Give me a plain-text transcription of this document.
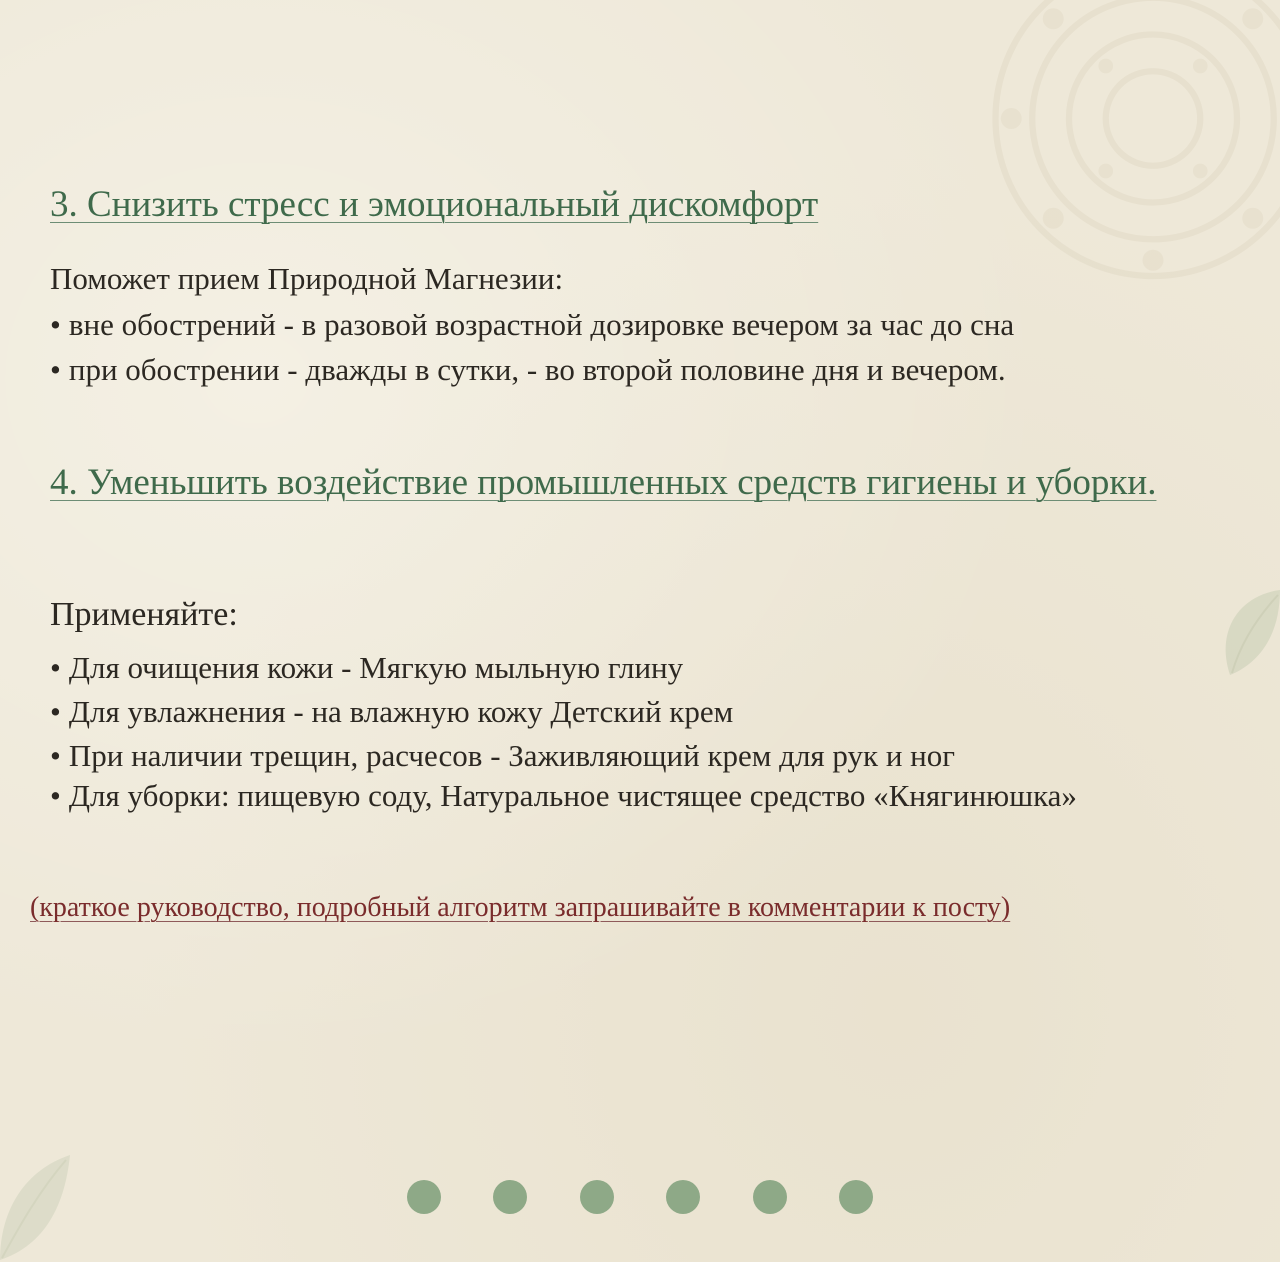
3. Снизить стресс и эмоциональный дискомфорт

Поможет прием Природной Магнезии:

• вне обострений - в разовой возрастной дозировке вечером за час до сна
• при обострении - дважды в сутки, - во второй половине дня и вечером.
4. Уменьшить воздействие промышленных средств гигиены и уборки.

Применяйте:

• Для очищения кожи - Мягкую мыльную глину
• Для увлажнения - на влажную кожу Детский крем
• При наличии трещин, расчесов - Заживляющий крем для рук и ног
• Для уборки: пищевую соду, Натуральное чистящее средство «Княгинюшка»

(краткое руководство, подробный алгоритм запрашивайте в комментарии к посту)
